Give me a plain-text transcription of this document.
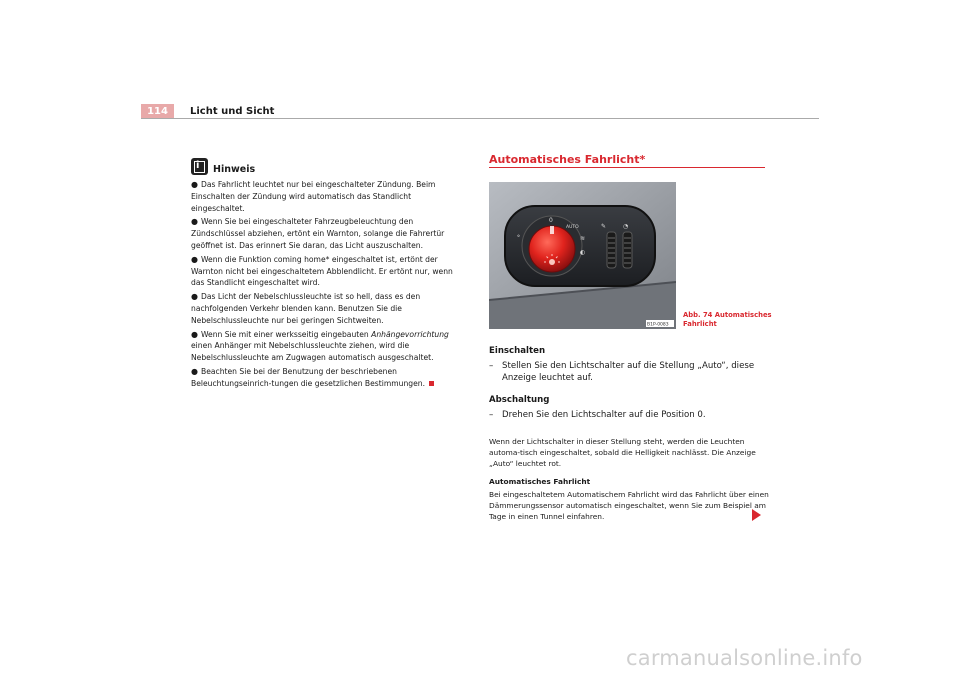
114	Licht und Sicht
i
Hinweis

● Das Fahrlicht leuchtet nur bei eingeschalteter Zündung. Beim Einschalten der Zündung wird automatisch das Standlicht eingeschaltet.

● Wenn Sie bei eingeschalteter Fahrzeugbeleuchtung den Zündschlüssel abziehen, ertönt ein Warnton, solange die Fahrertür geöffnet ist. Das erinnert Sie daran, das Licht auszuschalten.

● Wenn die Funktion coming home* eingeschaltet ist, ertönt der Warnton nicht bei eingeschaltetem Abblendlicht. Er ertönt nur, wenn das Standlicht eingeschaltet wird.

● Das Licht der Nebelschlussleuchte ist so hell, dass es den nachfolgenden Verkehr blenden kann. Benutzen Sie die Nebelschlussleuchte nur bei geringen Sichtweiten.

● Wenn Sie mit einer werksseitig eingebauten Anhängevorrichtung einen Anhänger mit Nebelschlussleuchte ziehen, wird die Nebelschlussleuchte am Zugwagen automatisch ausgeschaltet.

● Beachten Sie bei der Benutzung der beschriebenen Beleuchtungseinrich-tungen die gesetzlichen Bestimmungen.

Automatisches Fahrlicht*
0
AUTO
⚬	≋
◐
✎	◔
B1P-0083
Abb. 74 Automatisches Fahrlicht
Einschalten
– Stellen Sie den Lichtschalter auf die Stellung „Auto“, diese Anzeige leuchtet auf.
Abschaltung
– Drehen Sie den Lichtschalter auf die Position 0.
Wenn der Lichtschalter in dieser Stellung steht, werden die Leuchten automa-tisch eingeschaltet, sobald die Helligkeit nachlässt. Die Anzeige „Auto“ leuchtet rot.
Automatisches Fahrlicht
Bei eingeschaltetem Automatischem Fahrlicht wird das Fahrlicht über einen Dämmerungssensor automatisch eingeschaltet, wenn Sie zum Beispiel am Tage in einen Tunnel einfahren.
carmanualsonline.info
